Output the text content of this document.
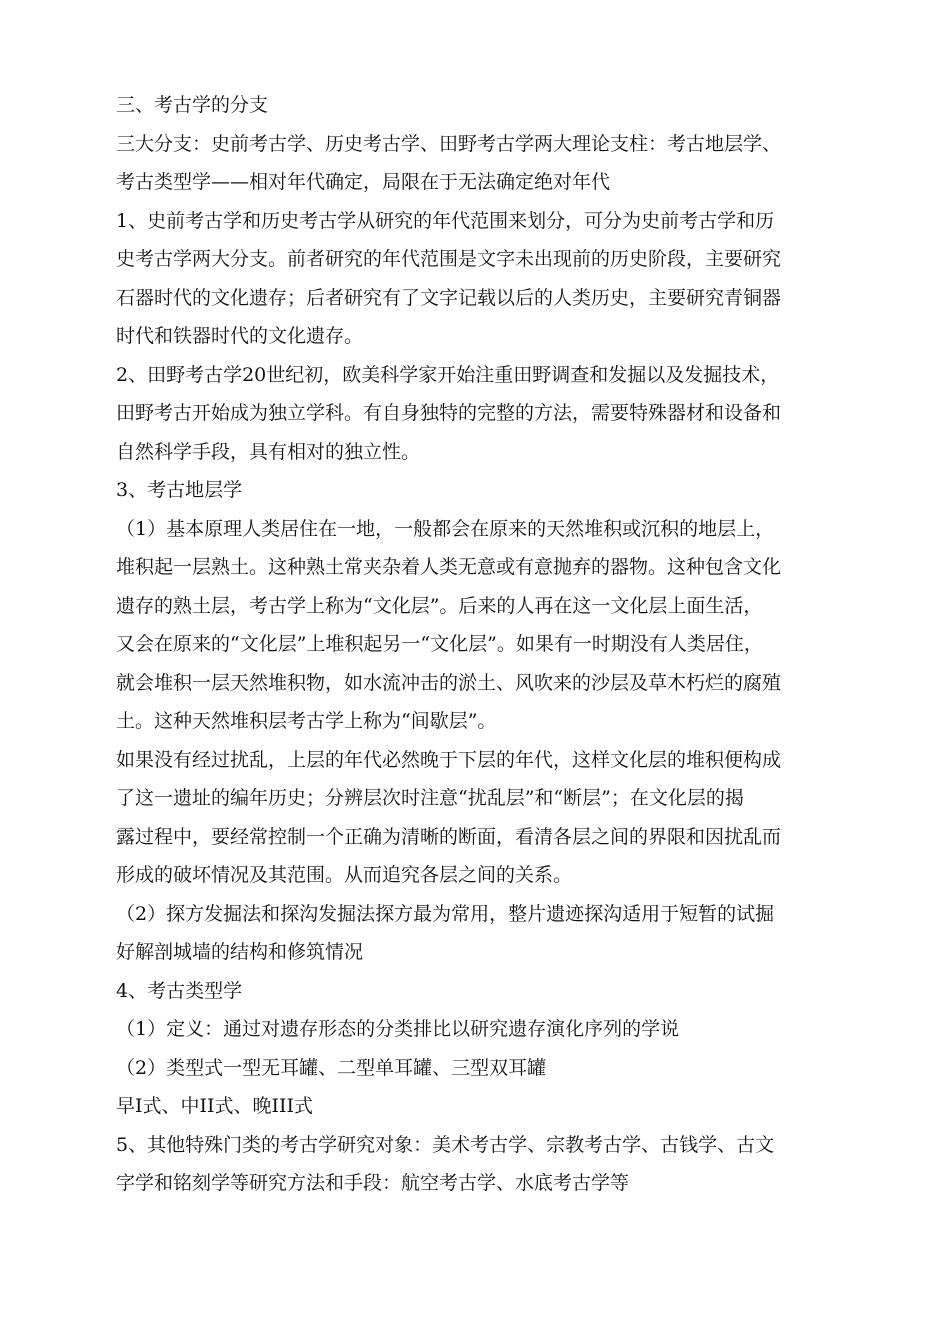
三、考古学的分支
三大分支：史前考古学、历史考古学、田野考古学两大理论支柱：考古地层学、
考古类型学——相对年代确定，局限在于无法确定绝对年代
1、史前考古学和历史考古学从研究的年代范围来划分，可分为史前考古学和历
史考古学两大分支。前者研究的年代范围是文字未出现前的历史阶段，主要研究
石器时代的文化遗存；后者研究有了文字记载以后的人类历史，主要研究青铜器
时代和铁器时代的文化遗存。
2、田野考古学20世纪初，欧美科学家开始注重田野调查和发掘以及发掘技术，
田野考古开始成为独立学科。有自身独特的完整的方法，需要特殊器材和设备和
自然科学手段，具有相对的独立性。
3、考古地层学
（1）基本原理人类居住在一地，一般都会在原来的天然堆积或沉积的地层上，
堆积起一层熟土。这种熟土常夹杂着人类无意或有意抛弃的器物。这种包含文化
遗存的熟土层，考古学上称为“文化层”。后来的人再在这一文化层上面生活，
又会在原来的“文化层”上堆积起另一“文化层”。如果有一时期没有人类居住，
就会堆积一层天然堆积物，如水流冲击的淤土、风吹来的沙层及草木朽烂的腐殖
土。这种天然堆积层考古学上称为“间歇层”。
如果没有经过扰乱，上层的年代必然晚于下层的年代，这样文化层的堆积便构成
了这一遗址的编年历史；分辨层次时注意“扰乱层”和“断层”；在文化层的揭
露过程中，要经常控制一个正确为清晰的断面，看清各层之间的界限和因扰乱而
形成的破坏情况及其范围。从而追究各层之间的关系。
（2）探方发掘法和探沟发掘法探方最为常用，整片遗迹探沟适用于短暂的试掘
好解剖城墙的结构和修筑情况
4、考古类型学
（1）定义：通过对遗存形态的分类排比以研究遗存演化序列的学说
（2）类型式一型无耳罐、二型单耳罐、三型双耳罐
早I式、中II式、晚III式
5、其他特殊门类的考古学研究对象：美术考古学、宗教考古学、古钱学、古文
字学和铭刻学等研究方法和手段：航空考古学、水底考古学等
